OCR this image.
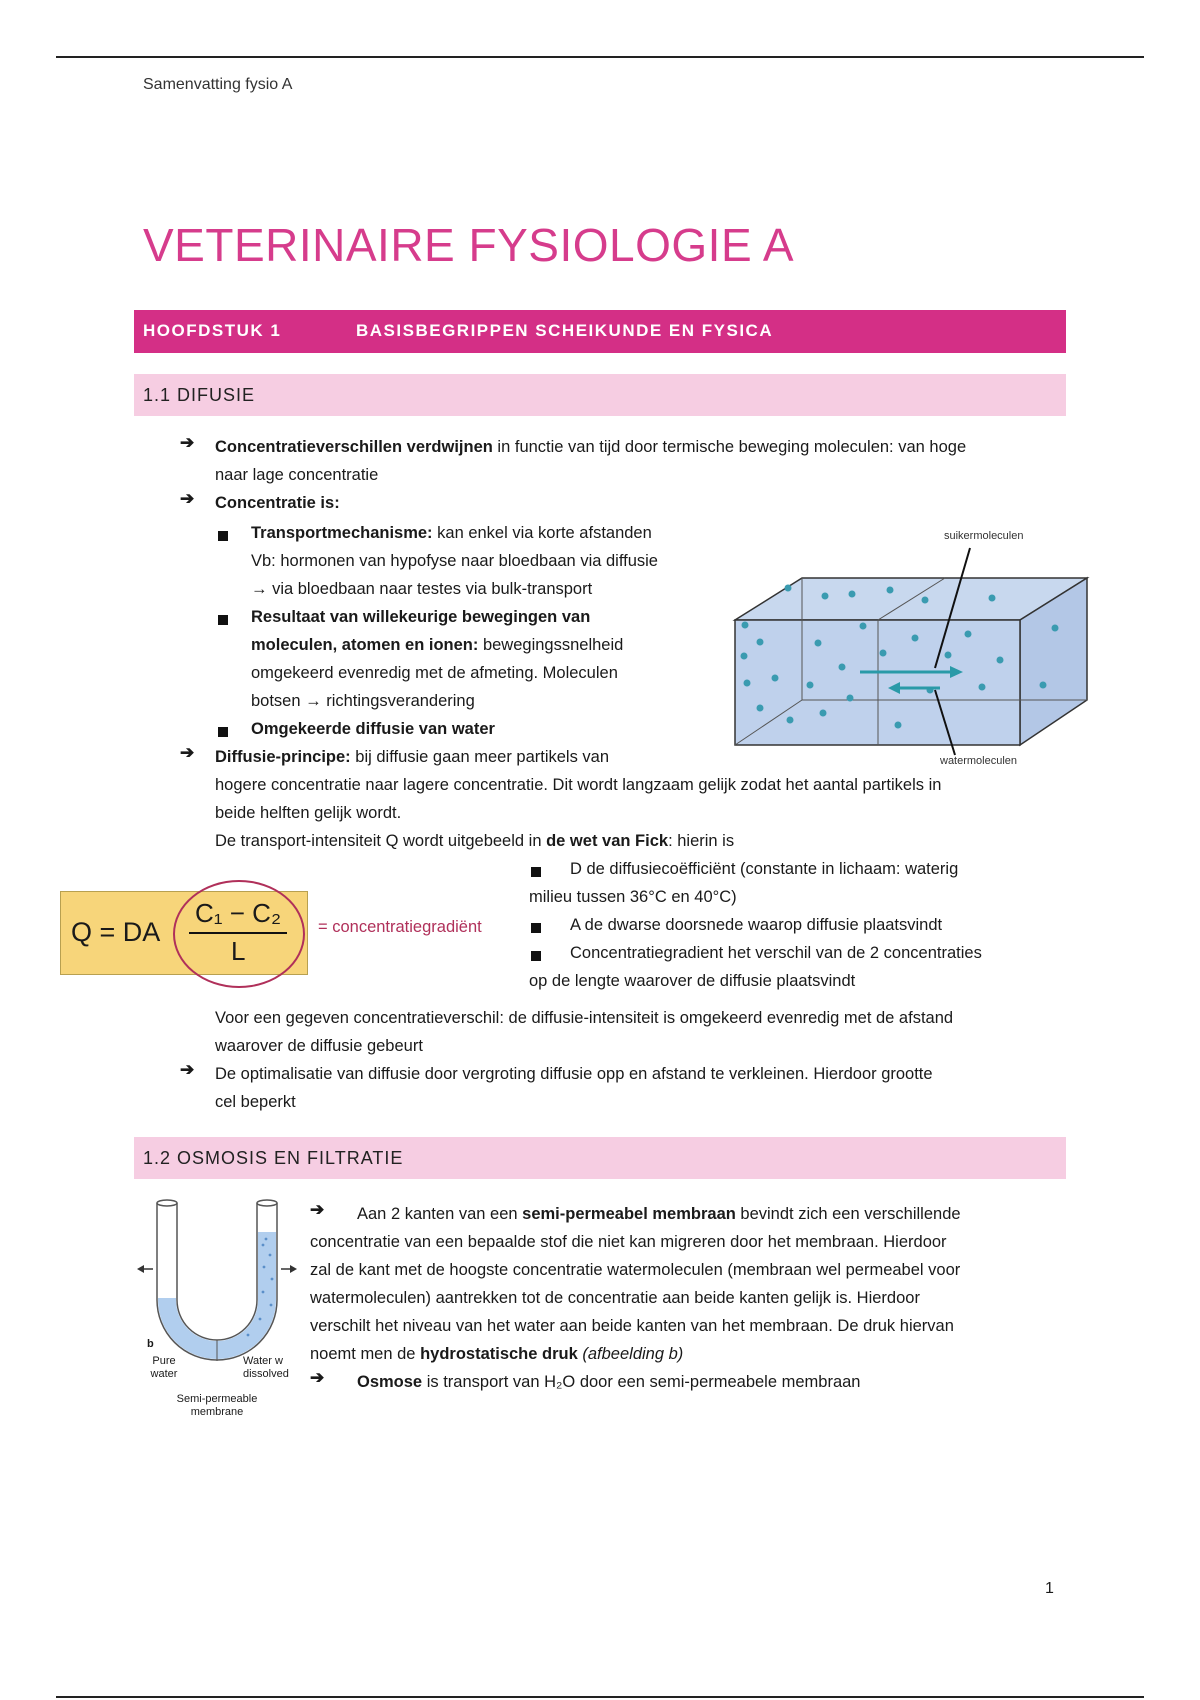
Samenvatting fysio A
VETERINAIRE FYSIOLOGIE A
HOOFDSTUK 1	BASISBEGRIPPEN SCHEIKUNDE EN FYSICA
1.1 DIFUSIE
➔ Concentratieverschillen verdwijnen in functie van tijd door termische beweging moleculen: van hoge
naar lage concentratie
➔ Concentratie is:
Transportmechanisme: kan enkel via korte afstanden
Vb: hormonen van hypofyse naar bloedbaan via diffusie
→ via bloedbaan naar testes via bulk-transport
Resultaat van willekeurige bewegingen van
moleculen, atomen en ionen: bewegingssnelheid
omgekeerd evenredig met de afmeting. Moleculen
botsen → richtingsverandering
Omgekeerde diffusie van water
➔ Diffusie-principe: bij diffusie gaan meer partikels van
hogere concentratie naar lagere concentratie. Dit wordt langzaam gelijk zodat het aantal partikels in
beide helften gelijk wordt.
De transport-intensiteit Q wordt uitgebeeld in de wet van Fick: hierin is
D de diffusiecoëfficiënt (constante in lichaam: waterig
milieu tussen 36°C en 40°C)
A de dwarse doorsnede waarop diffusie plaatsvindt
Concentratiegradient het verschil van de 2 concentraties
op de lengte waarover de diffusie plaatsvindt
Q = DA
C₁ − C₂
L
= concentratiegradiënt
Voor een gegeven concentratieverschil: de diffusie-intensiteit is omgekeerd evenredig met de afstand
waarover de diffusie gebeurt
➔ De optimalisatie van diffusie door vergroting diffusie opp en afstand te verkleinen. Hierdoor grootte
cel beperkt
suikermoleculen
watermoleculen
1.2 OSMOSIS EN FILTRATIE
b
Pure water
Water w dissolved
Semi-permeable membrane
➔ Aan 2 kanten van een semi-permeabel membraan bevindt zich een verschillende
concentratie van een bepaalde stof die niet kan migreren door het membraan. Hierdoor
zal de kant met de hoogste concentratie watermoleculen (membraan wel permeabel voor
watermoleculen) aantrekken tot de concentratie aan beide kanten gelijk is. Hierdoor
verschilt het niveau van het water aan beide kanten van het membraan. De druk hiervan
noemt men de hydrostatische druk (afbeelding b)
➔ Osmose is transport van H₂O door een semi-permeabele membraan
1
